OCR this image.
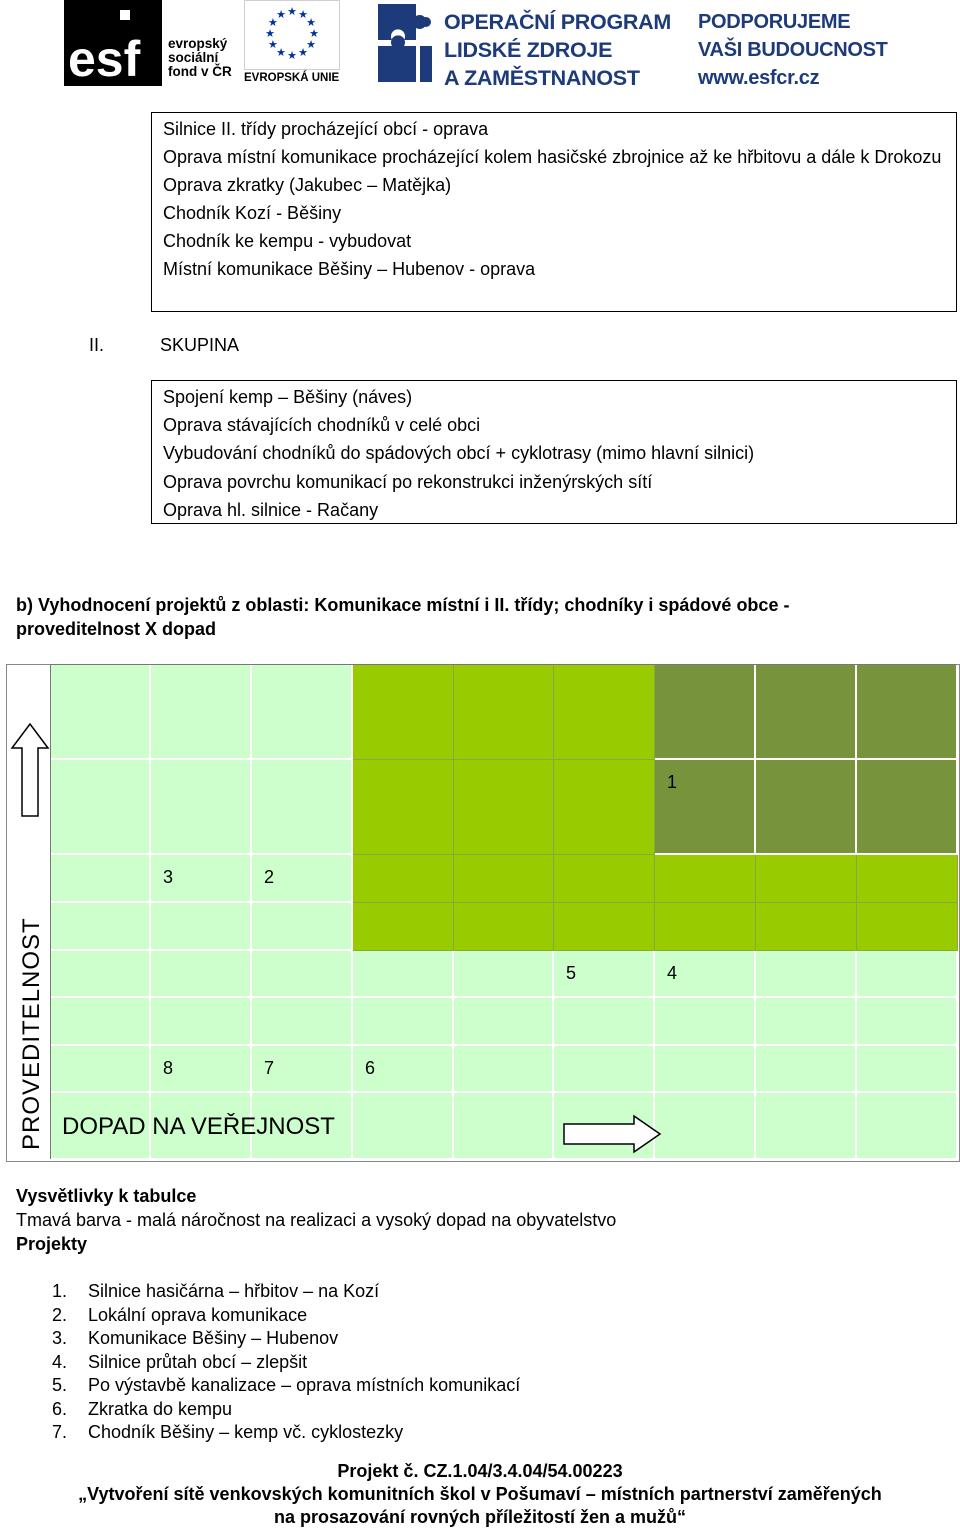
esf evropský
sociální
fond v ČR
★ ★
★
★
★
★
★
★
★
★
★
★
EVROPSKÁ UNIE
OPERAČNÍ PROGRAM
LIDSKÉ ZDROJE
A ZAMĚSTNANOST
PODPORUJEME
VAŠI BUDOUCNOST
www.esfcr.cz
Silnice II. třídy procházející obcí - oprava
Oprava místní komunikace procházející kolem hasičské zbrojnice až ke hřbitovu a dále k Drokozu
Oprava zkratky (Jakubec – Matějka)
Chodník Kozí - Běšiny
Chodník ke kempu - vybudovat
Místní komunikace Běšiny – Hubenov - oprava
II.	SKUPINA
Spojení kemp – Běšiny (náves)
Oprava stávajících chodníků v celé obci
Vybudování chodníků do spádových obcí + cyklotrasy (mimo hlavní silnici)
Oprava povrchu komunikací po rekonstrukci inženýrských sítí
Oprava hl. silnice - Račany
b) Vyhodnocení projektů z oblasti: Komunikace místní i II. třídy; chodníky i spádové obce - proveditelnost X dopad
1
3	2
5	4
8	7	6
PROVEDITELNOST DOPAD NA VEŘEJNOST
Vysvětlivky k tabulce
Tmavá barva - malá náročnost na realizaci a vysoký dopad na obyvatelstvo
Projekty
1. Silnice hasičárna – hřbitov – na Kozí
2. Lokální oprava komunikace
3. Komunikace Běšiny – Hubenov
4. Silnice průtah obcí – zlepšit
5. Po výstavbě kanalizace – oprava místních komunikací
6. Zkratka do kempu
7. Chodník Běšiny – kemp vč. cyklostezky
Projekt č. CZ.1.04/3.4.04/54.00223
„Vytvoření sítě venkovských komunitních škol v Pošumaví – místních partnerství zaměřených
na prosazování rovných příležitostí žen a mužů“
